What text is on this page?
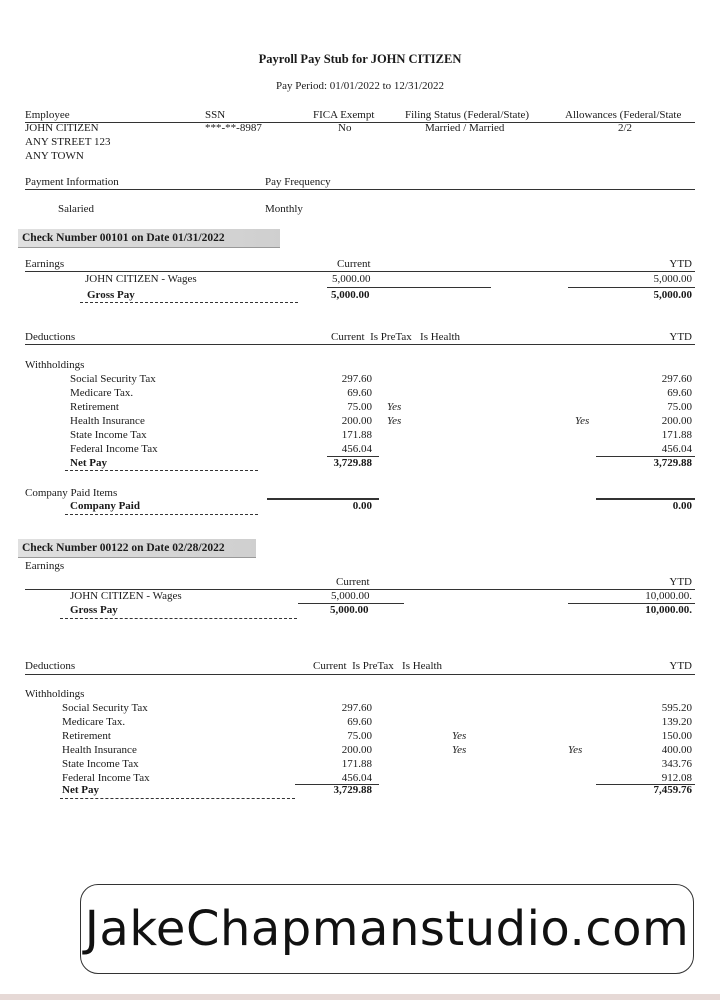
Payroll Pay Stub for JOHN CITIZEN
Pay Period: 01/01/2022 to 12/31/2022
Employee	SSN	FICA Exempt	Filing Status (Federal/State)	Allowances (Federal/State
JOHN CITIZEN
ANY STREET 123
ANY TOWN
***-**-8987	No	Married / Married	2/2
Payment Information	Pay Frequency
Salaried	Monthly
Check Number 00101 on Date 01/31/2022
Earnings	Current	YTD
JOHN CITIZEN - Wages	5,000.00	5,000.00
Gross Pay	5,000.00	5,000.00
Deductions	Current  Is PreTax   Is Health	YTD
Withholdings
Social Security Tax	297.60	297.60
Medicare Tax.	69.60	69.60
Retirement	75.00 Yes	75.00
Health Insurance	200.00 Yes	Yes	200.00
State Income Tax	171.88	171.88
Federal Income Tax	456.04	456.04
Net Pay	3,729.88	3,729.88
Company Paid Items
Company Paid	0.00	0.00
Check Number 00122 on Date 02/28/2022
Earnings
Current	YTD
JOHN CITIZEN - Wages	5,000.00	10,000.00.
Gross Pay	5,000.00	10,000.00.
Deductions	Current  Is PreTax   Is Health	YTD
Withholdings
Social Security Tax	297.60	595.20
Medicare Tax.	69.60	139.20
Retirement	75.00	Yes	150.00
Health Insurance	200.00	Yes	Yes	400.00
State Income Tax	171.88	343.76
Federal Income Tax	456.04	912.08
Net Pay	3,729.88	7,459.76
JakeChapmanstudio.com
